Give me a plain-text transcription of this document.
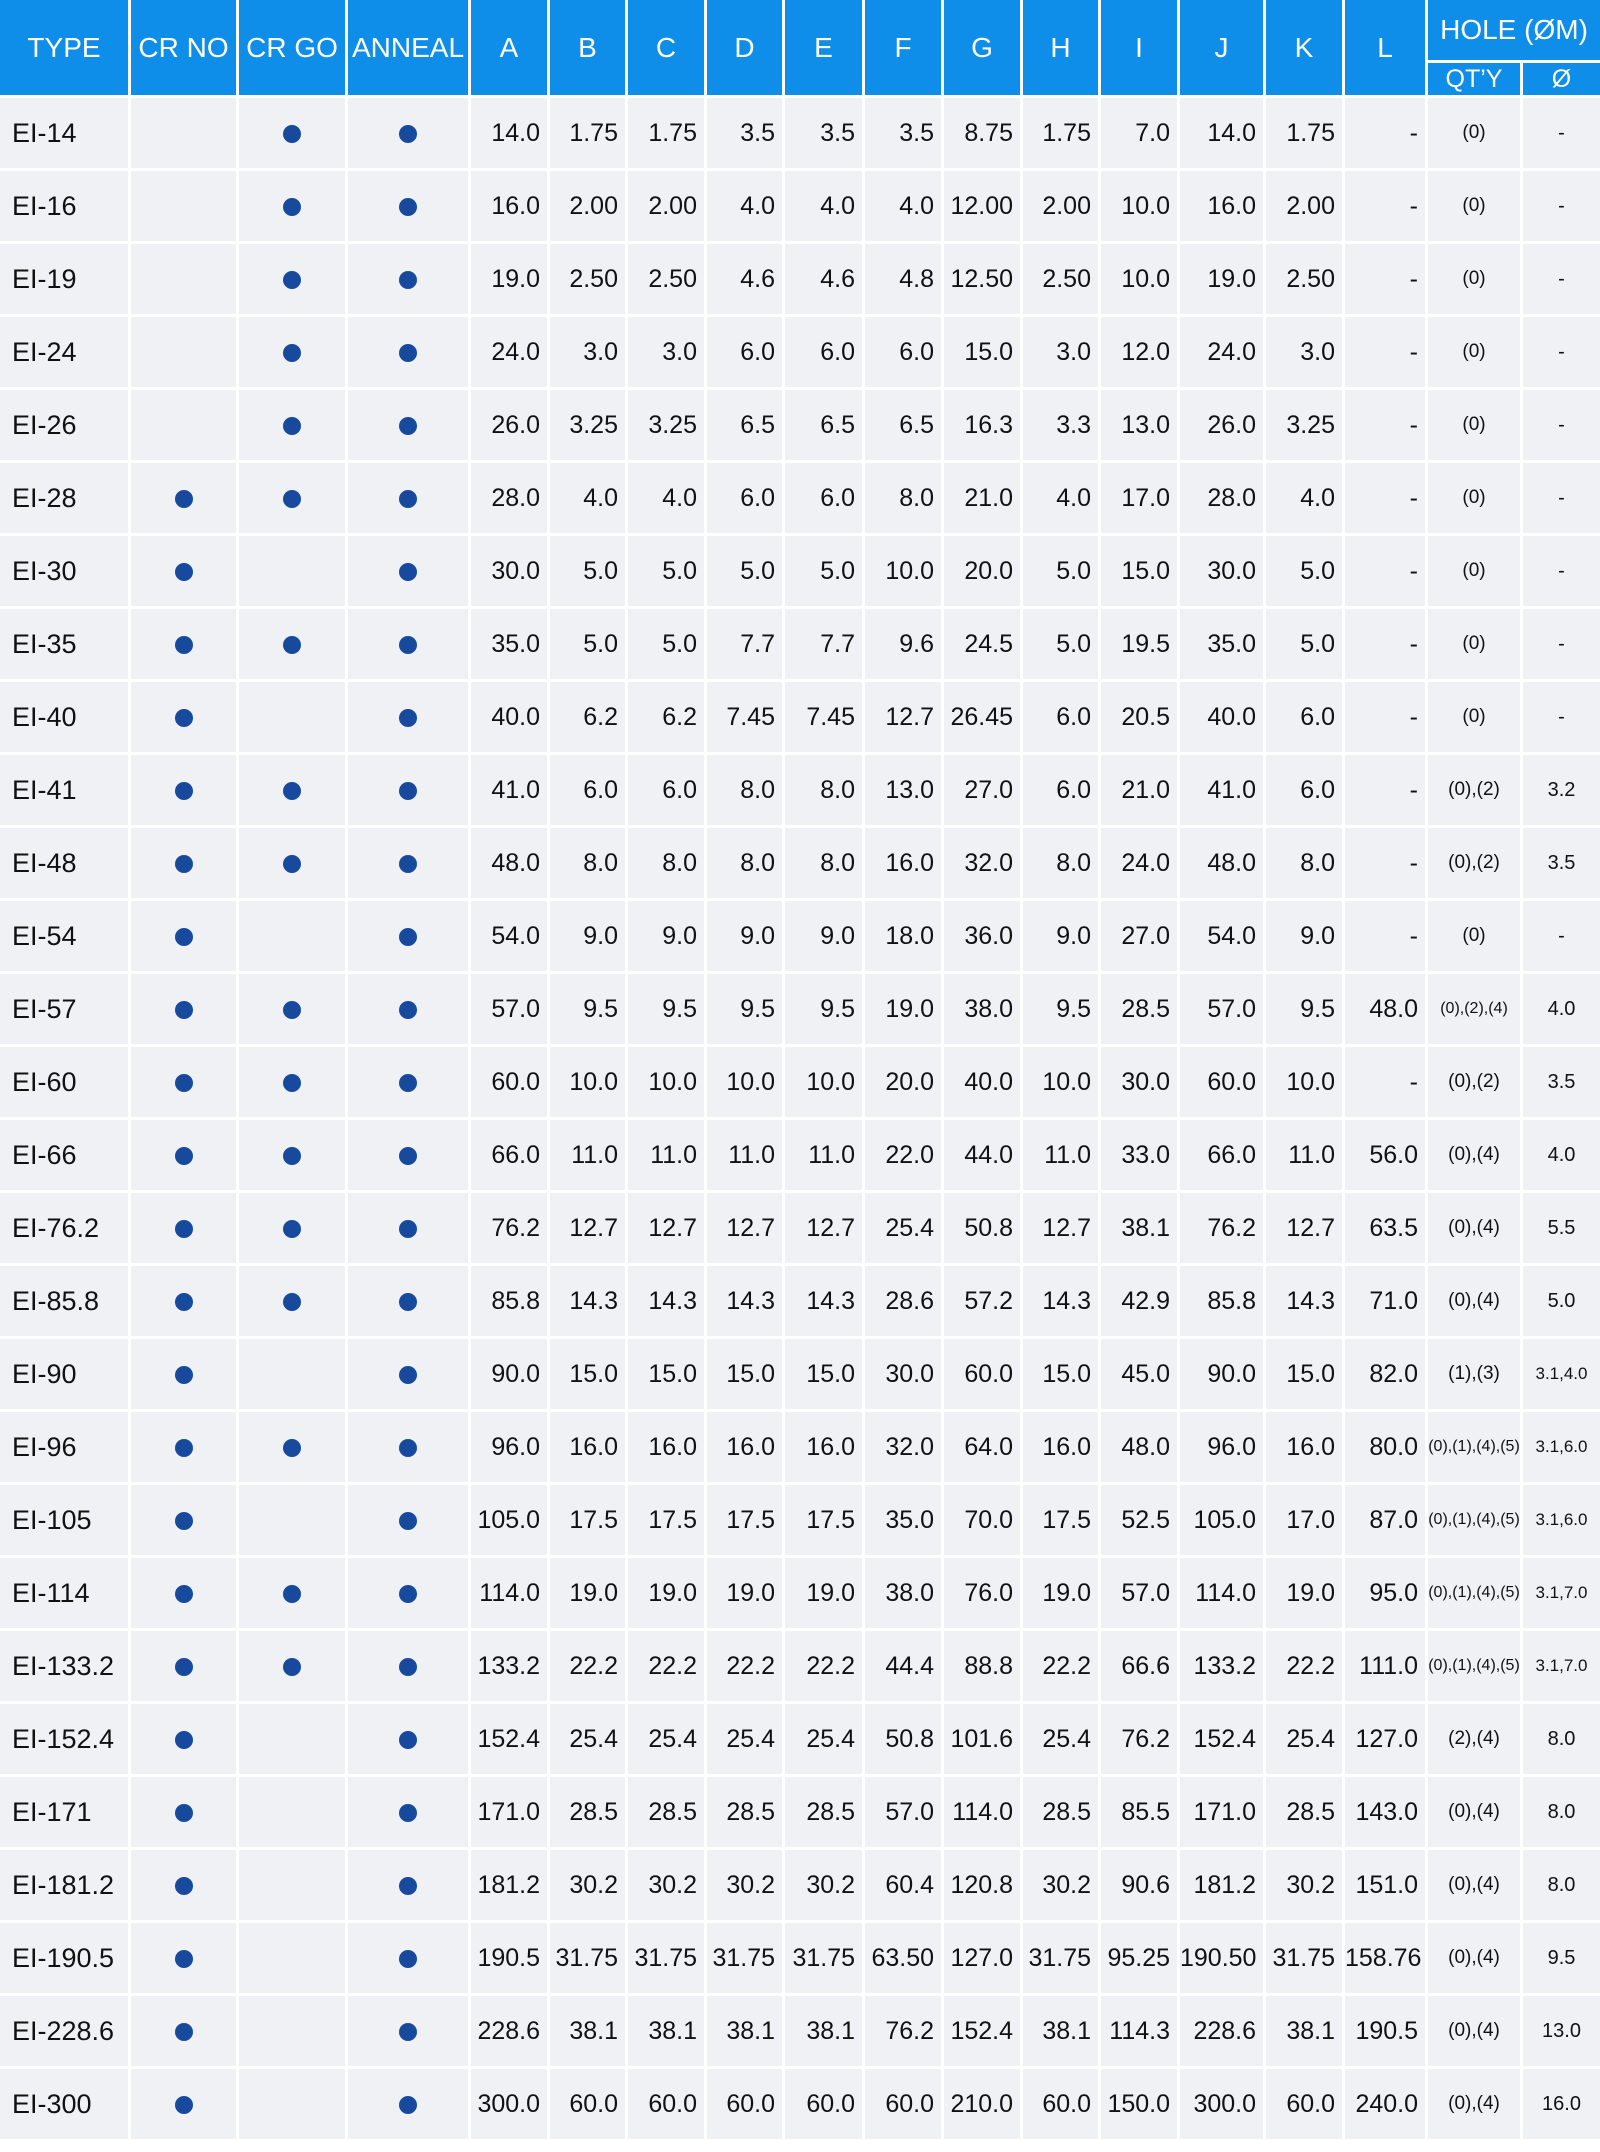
TYPE	CR NO	CR GO	ANNEAL	A	B	C	D	E	F	G	H	I	J	K	L	HOLE (ØM)	
																QT’Y	Ø
EI-14				14.0	1.75	1.75	3.5	3.5	3.5	8.75	1.75	7.0	14.0	1.75	-	(0)	-
EI-16				16.0	2.00	2.00	4.0	4.0	4.0	12.00	2.00	10.0	16.0	2.00	-	(0)	-
EI-19				19.0	2.50	2.50	4.6	4.6	4.8	12.50	2.50	10.0	19.0	2.50	-	(0)	-
EI-24				24.0	3.0	3.0	6.0	6.0	6.0	15.0	3.0	12.0	24.0	3.0	-	(0)	-
EI-26				26.0	3.25	3.25	6.5	6.5	6.5	16.3	3.3	13.0	26.0	3.25	-	(0)	-
EI-28				28.0	4.0	4.0	6.0	6.0	8.0	21.0	4.0	17.0	28.0	4.0	-	(0)	-
EI-30				30.0	5.0	5.0	5.0	5.0	10.0	20.0	5.0	15.0	30.0	5.0	-	(0)	-
EI-35				35.0	5.0	5.0	7.7	7.7	9.6	24.5	5.0	19.5	35.0	5.0	-	(0)	-
EI-40				40.0	6.2	6.2	7.45	7.45	12.7	26.45	6.0	20.5	40.0	6.0	-	(0)	-
EI-41				41.0	6.0	6.0	8.0	8.0	13.0	27.0	6.0	21.0	41.0	6.0	-	(0),(2)	3.2
EI-48				48.0	8.0	8.0	8.0	8.0	16.0	32.0	8.0	24.0	48.0	8.0	-	(0),(2)	3.5
EI-54				54.0	9.0	9.0	9.0	9.0	18.0	36.0	9.0	27.0	54.0	9.0	-	(0)	-
EI-57				57.0	9.5	9.5	9.5	9.5	19.0	38.0	9.5	28.5	57.0	9.5	48.0	(0),(2),(4)	4.0
EI-60				60.0	10.0	10.0	10.0	10.0	20.0	40.0	10.0	30.0	60.0	10.0	-	(0),(2)	3.5
EI-66				66.0	11.0	11.0	11.0	11.0	22.0	44.0	11.0	33.0	66.0	11.0	56.0	(0),(4)	4.0
EI-76.2				76.2	12.7	12.7	12.7	12.7	25.4	50.8	12.7	38.1	76.2	12.7	63.5	(0),(4)	5.5
EI-85.8				85.8	14.3	14.3	14.3	14.3	28.6	57.2	14.3	42.9	85.8	14.3	71.0	(0),(4)	5.0
EI-90				90.0	15.0	15.0	15.0	15.0	30.0	60.0	15.0	45.0	90.0	15.0	82.0	(1),(3)	3.1,4.0
EI-96				96.0	16.0	16.0	16.0	16.0	32.0	64.0	16.0	48.0	96.0	16.0	80.0	(0),(1),(4),(5)	3.1,6.0
EI-105				105.0	17.5	17.5	17.5	17.5	35.0	70.0	17.5	52.5	105.0	17.0	87.0	(0),(1),(4),(5)	3.1,6.0
EI-114				114.0	19.0	19.0	19.0	19.0	38.0	76.0	19.0	57.0	114.0	19.0	95.0	(0),(1),(4),(5)	3.1,7.0
EI-133.2				133.2	22.2	22.2	22.2	22.2	44.4	88.8	22.2	66.6	133.2	22.2	111.0	(0),(1),(4),(5)	3.1,7.0
EI-152.4				152.4	25.4	25.4	25.4	25.4	50.8	101.6	25.4	76.2	152.4	25.4	127.0	(2),(4)	8.0
EI-171				171.0	28.5	28.5	28.5	28.5	57.0	114.0	28.5	85.5	171.0	28.5	143.0	(0),(4)	8.0
EI-181.2				181.2	30.2	30.2	30.2	30.2	60.4	120.8	30.2	90.6	181.2	30.2	151.0	(0),(4)	8.0
EI-190.5				190.5	31.75	31.75	31.75	31.75	63.50	127.0	31.75	95.25	190.50	31.75	158.76	(0),(4)	9.5
EI-228.6				228.6	38.1	38.1	38.1	38.1	76.2	152.4	38.1	114.3	228.6	38.1	190.5	(0),(4)	13.0
EI-300				300.0	60.0	60.0	60.0	60.0	60.0	210.0	60.0	150.0	300.0	60.0	240.0	(0),(4)	16.0
